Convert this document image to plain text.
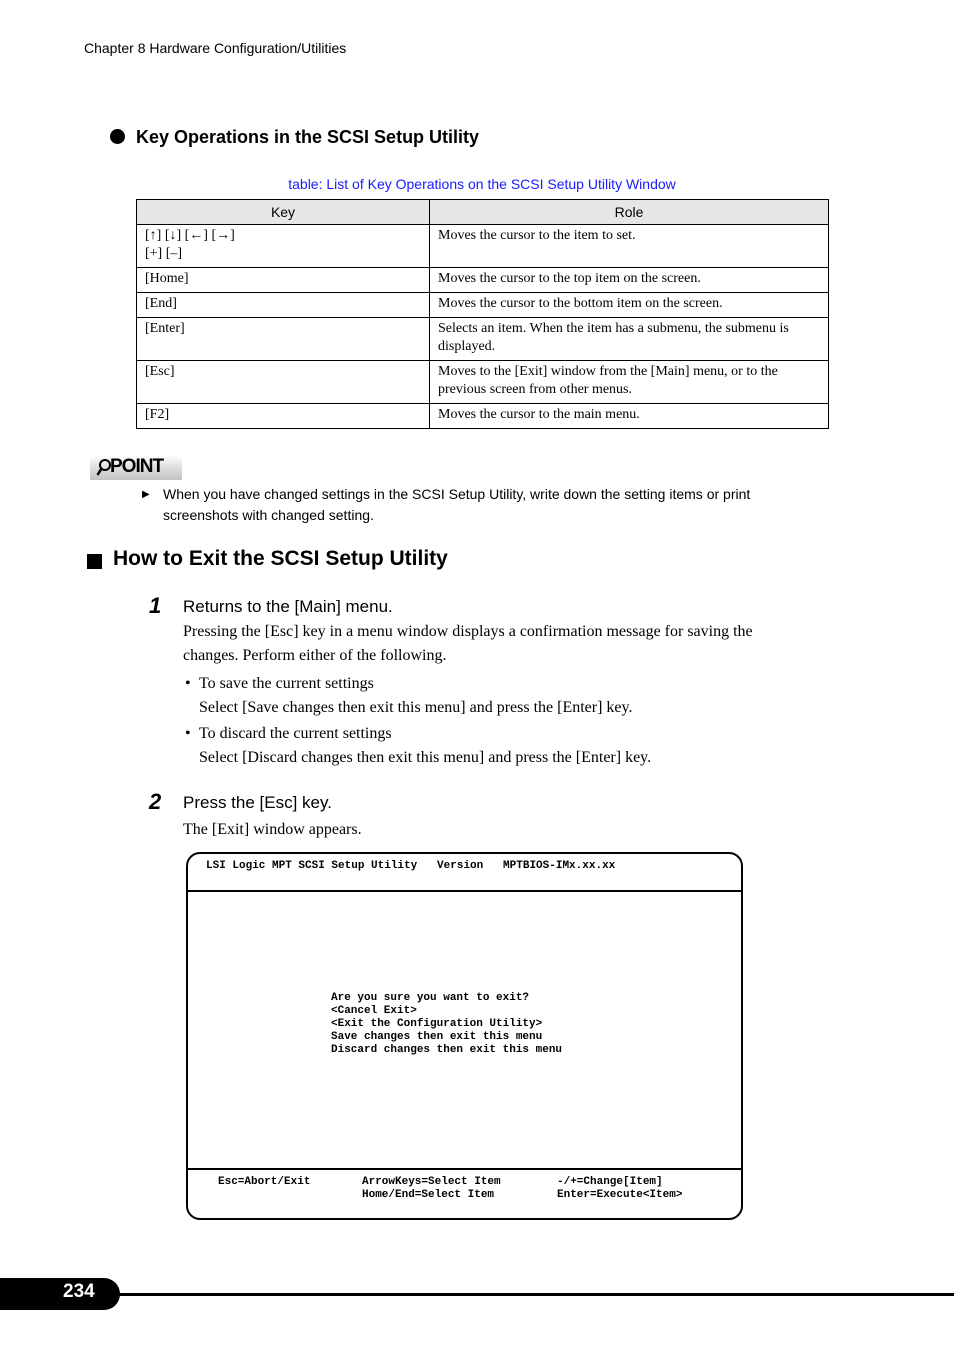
Chapter 8 Hardware Configuration/Utilities
Key Operations in the SCSI Setup Utility
table: List of Key Operations on the SCSI Setup Utility Window
Key	Role
[↑] [↓] [←] [→]
[+] [–]	Moves the cursor to the item to set.
[Home]	Moves the cursor to the top item on the screen.
[End]	Moves the cursor to the bottom item on the screen.
[Enter]	Selects an item. When the item has a submenu, the submenu is displayed.
[Esc]	Moves to the [Exit] window from the [Main] menu, or to the previous screen from other menus.
[F2]	Moves the cursor to the main menu.
POINT
▶ When you have changed settings in the SCSI Setup Utility, write down the setting items or print screenshots with changed setting.
How to Exit the SCSI Setup Utility
1 Returns to the [Main] menu.
Pressing the [Esc] key in a menu window displays a confirmation message for saving the changes. Perform either of the following.
• To save the current settings
Select [Save changes then exit this menu] and press the [Enter] key.
• To discard the current settings
Select [Discard changes then exit this menu] and press the [Enter] key.
2 Press the [Esc] key.
The [Exit] window appears.
LSI Logic MPT SCSI Setup Utility   Version   MPTBIOS-IMx.xx.xx
Are you sure you want to exit?
<Cancel Exit>
<Exit the Configuration Utility>
Save changes then exit this menu
Discard changes then exit this menu
Esc=Abort/Exit	ArrowKeys=Select Item
Home/End=Select Item
-/+=Change[Item]
Enter=Execute<Item>
234
